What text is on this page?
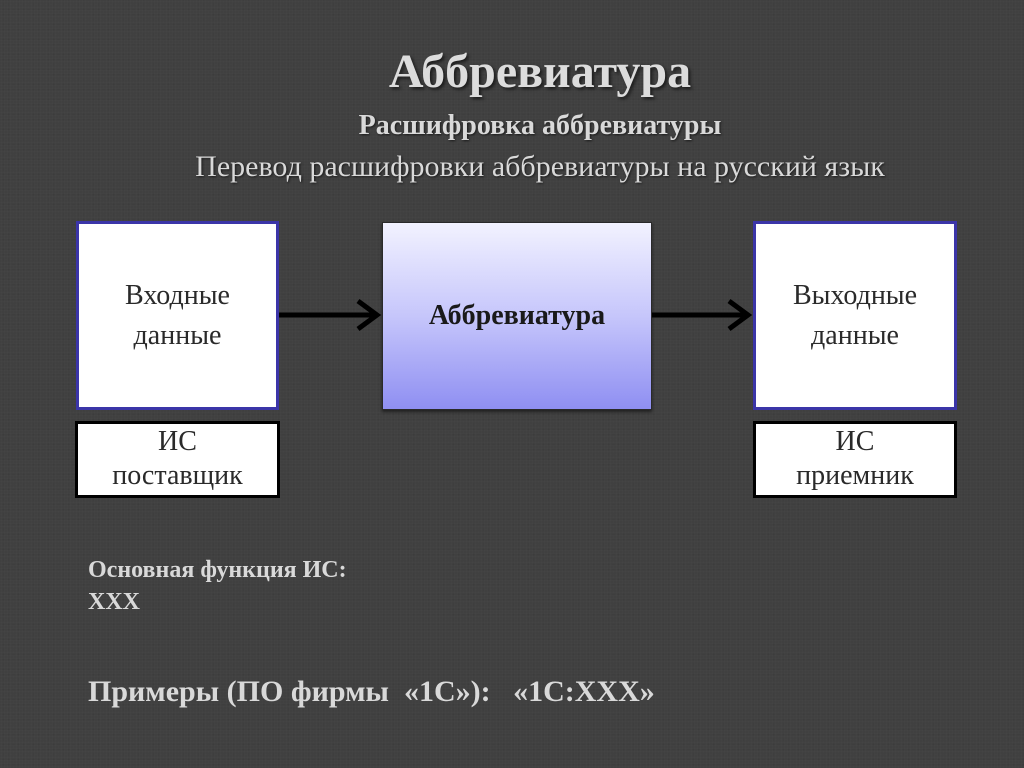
Аббревиатура
Расшифровка аббревиатуры
Перевод расшифровки аббревиатуры на русский язык
Входные
данные
Аббревиатура
Выходные
данные
ИС
поставщик
ИС
приемник
Основная функция ИС:
ХХХ
Примеры (ПО фирмы  «1С»):   «1С:ХХХ»
